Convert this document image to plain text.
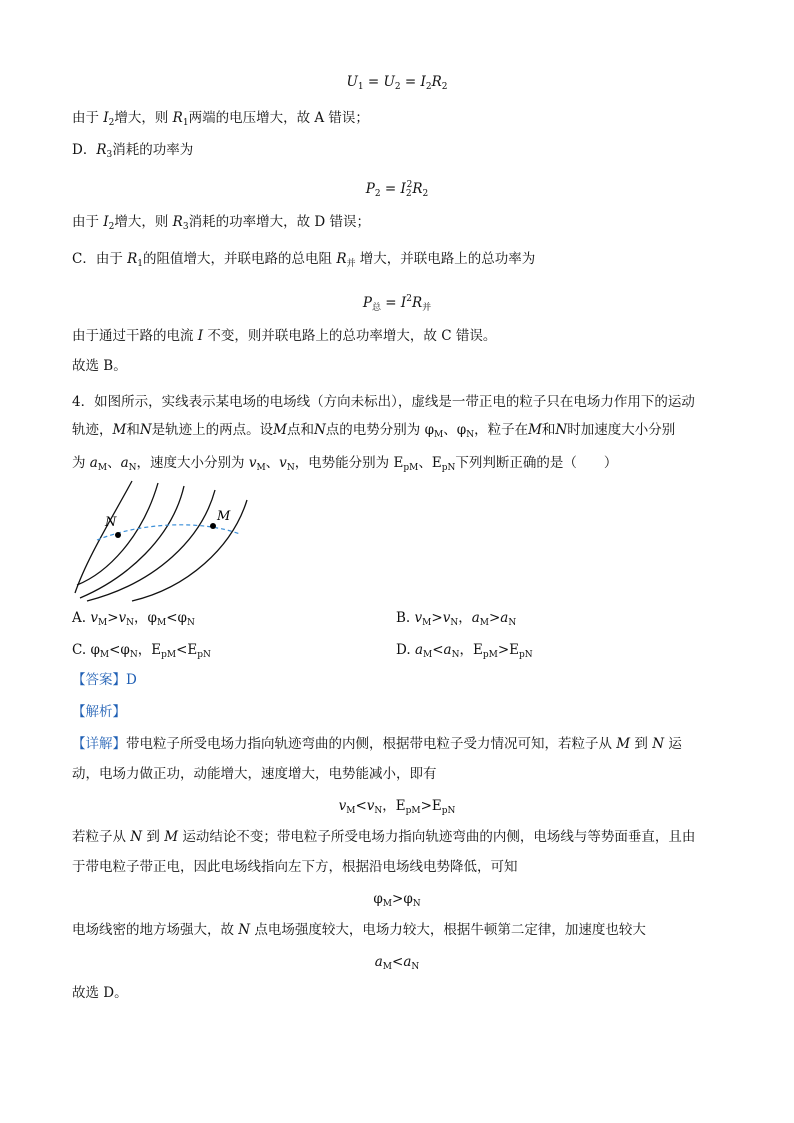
$U_1 = U_2 = I_2R_2$
由于 $I_2$增大，则 $R_1$两端的电压增大，故 A 错误；
D．$R_3$消耗的功率为
$P_2 = I_2^2R_2$
由于 $I_2$增大，则 $R_3$消耗的功率增大，故 D 错误；
C．由于 $R_1$的阻值增大，并联电路的总电阻 $R_并$ 增大，并联电路上的总功率为
$P_总 = I^2R_并$
由于通过干路的电流 I 不变，则并联电路上的总功率增大，故 C 错误。
故选 B。
4．如图所示，实线表示某电场的电场线（方向未标出），虚线是一带正电的粒子只在电场力作用下的运动
轨迹，M和N是轨迹上的两点。设M点和N点的电势分别为 $\varphi_M$、$\varphi_N$，粒子在M和N时加速度大小分别
为 $a_M$、$a_N$，速度大小分别为 $v_M$、$v_N$，电势能分别为 $E_{pM}$、$E_{pN}$下列判断正确的是（　　）
N	M
A. $v_M>v_N$，$\varphi_M<\varphi_N$	B. $v_M>v_N$，$a_M>a_N$
C. $\varphi_M<\varphi_N$，$E_{pM}<E_{pN}$	D. $a_M<a_N$，$E_{pM}>E_{pN}$
【答案】D
【解析】
【详解】带电粒子所受电场力指向轨迹弯曲的内侧，根据带电粒子受力情况可知，若粒子从 M 到 N 运
动，电场力做正功，动能增大，速度增大，电势能减小，即有
$v_M<v_N$，$E_{pM}>E_{pN}$
若粒子从 N 到 M 运动结论不变；带电粒子所受电场力指向轨迹弯曲的内侧，电场线与等势面垂直，且由
于带电粒子带正电，因此电场线指向左下方，根据沿电场线电势降低，可知
$\varphi_M>\varphi_N$
电场线密的地方场强大，故 N 点电场强度较大，电场力较大，根据牛顿第二定律，加速度也较大
$a_M<a_N$
故选 D。
